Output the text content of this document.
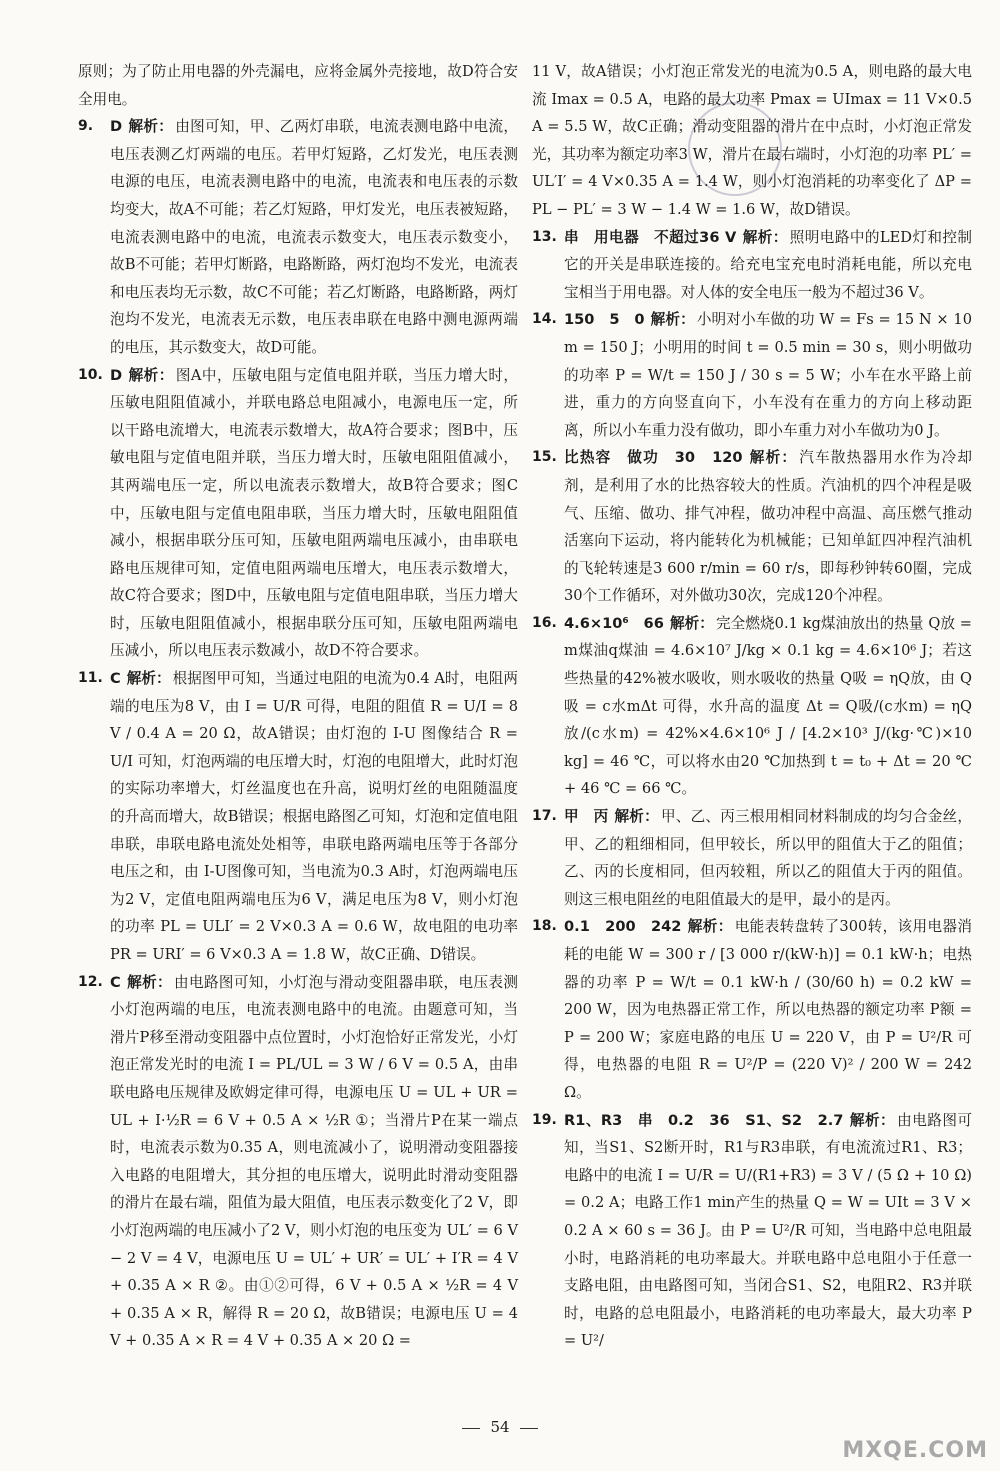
原则；为了防止用电器的外壳漏电，应将金属外壳接地，故D符合安全用电。

9.	D 解析： 由图可知，甲、乙两灯串联，电流表测电路中电流，电压表测乙灯两端的电压。若甲灯短路，乙灯发光，电压表测电源的电压，电流表测电路中的电流，电流表和电压表的示数均变大，故A不可能；若乙灯短路，甲灯发光，电压表被短路，电流表测电路中的电流，电流表示数变大，电压表示数变小，故B不可能；若甲灯断路，电路断路，两灯泡均不发光，电流表和电压表均无示数，故C不可能；若乙灯断路，电路断路，两灯泡均不发光，电流表无示数，电压表串联在电路中测电源两端的电压，其示数变大，故D可能。
10. D 解析： 图A中，压敏电阻与定值电阻并联，当压力增大时，压敏电阻阻值减小，并联电路总电阻减小，电源电压一定，所以干路电流增大，电流表示数增大，故A符合要求；图B中，压敏电阻与定值电阻并联，当压力增大时，压敏电阻阻值减小，其两端电压一定，所以电流表示数增大，故B符合要求；图C中，压敏电阻与定值电阻串联，当压力增大时，压敏电阻阻值减小，根据串联分压可知，压敏电阻两端电压减小，由串联电路电压规律可知，定值电阻两端电压增大，电压表示数增大，故C符合要求；图D中，压敏电阻与定值电阻串联，当压力增大时，压敏电阻阻值减小，根据串联分压可知，压敏电阻两端电压减小，所以电压表示数减小，故D不符合要求。
11. C 解析： 根据图甲可知，当通过电阻的电流为0.4 A时，电阻两端的电压为8 V，由 I = U/R 可得，电阻的阻值 R = U/I = 8 V / 0.4 A = 20 Ω，故A错误；由灯泡的 I-U 图像结合 R = U/I 可知，灯泡两端的电压增大时，灯泡的电阻增大，此时灯泡的实际功率增大，灯丝温度也在升高，说明灯丝的电阻随温度的升高而增大，故B错误；根据电路图乙可知，灯泡和定值电阻串联，串联电路电流处处相等，串联电路两端电压等于各部分电压之和，由 I-U图像可知，当电流为0.3 A时，灯泡两端电压为2 V，定值电阻两端电压为6 V，满足电压为8 V，则小灯泡的功率 PL = ULI′ = 2 V×0.3 A = 0.6 W，故电阻的电功率 PR = URI′ = 6 V×0.3 A = 1.8 W，故C正确、D错误。
12. C 解析： 由电路图可知，小灯泡与滑动变阻器串联，电压表测小灯泡两端的电压，电流表测电路中的电流。由题意可知，当滑片P移至滑动变阻器中点位置时，小灯泡恰好正常发光，小灯泡正常发光时的电流 I = PL/UL = 3 W / 6 V = 0.5 A，由串联电路电压规律及欧姆定律可得，电源电压 U = UL + UR = UL + I·½R = 6 V + 0.5 A × ½R ①；当滑片P在某一端点时，电流表示数为0.35 A，则电流减小了，说明滑动变阻器接入电路的电阻增大，其分担的电压增大，说明此时滑动变阻器的滑片在最右端，阻值为最大阻值，电压表示数变化了2 V，即小灯泡两端的电压减小了2 V，则小灯泡的电压变为 UL′ = 6 V − 2 V = 4 V，电源电压 U = UL′ + UR′ = UL′ + I′R = 4 V + 0.35 A × R ②。由①②可得，6 V + 0.5 A × ½R = 4 V + 0.35 A × R，解得 R = 20 Ω，故B错误；电源电压 U = 4 V + 0.35 A × R = 4 V + 0.35 A × 20 Ω =

11 V，故A错误；小灯泡正常发光的电流为0.5 A，则电路的最大电流 Imax = 0.5 A，电路的最大功率 Pmax = UImax = 11 V×0.5 A = 5.5 W，故C正确；滑动变阻器的滑片在中点时，小灯泡正常发光，其功率为额定功率3 W，滑片在最右端时，小灯泡的功率 PL′ = UL′I′ = 4 V×0.35 A = 1.4 W，则小灯泡消耗的功率变化了 ΔP = PL − PL′ = 3 W − 1.4 W = 1.6 W，故D错误。

13. 串　用电器　不超过36 V 解析： 照明电路中的LED灯和控制它的开关是串联连接的。给充电宝充电时消耗电能，所以充电宝相当于用电器。对人体的安全电压一般为不超过36 V。
14. 150　5　0 解析： 小明对小车做的功 W = Fs = 15 N × 10 m = 150 J；小明用的时间 t = 0.5 min = 30 s，则小明做功的功率 P = W/t = 150 J / 30 s = 5 W；小车在水平路上前进，重力的方向竖直向下，小车没有在重力的方向上移动距离，所以小车重力没有做功，即小车重力对小车做功为0 J。
15. 比热容　做功　30　120 解析： 汽车散热器用水作为冷却剂，是利用了水的比热容较大的性质。汽油机的四个冲程是吸气、压缩、做功、排气冲程，做功冲程中高温、高压燃气推动活塞向下运动，将内能转化为机械能；已知单缸四冲程汽油机的飞轮转速是3 600 r/min = 60 r/s，即每秒钟转60圈，完成30个工作循环，对外做功30次，完成120个冲程。
16. 4.6×10⁶　66 解析： 完全燃烧0.1 kg煤油放出的热量 Q放 = m煤油q煤油 = 4.6×10⁷ J/kg × 0.1 kg = 4.6×10⁶ J；若这些热量的42%被水吸收，则水吸收的热量 Q吸 = ηQ放，由 Q吸 = c水mΔt 可得，水升高的温度 Δt = Q吸/(c水m) = ηQ放/(c水m) = 42%×4.6×10⁶ J / [4.2×10³ J/(kg·℃)×10 kg] = 46 ℃，可以将水由20 ℃加热到 t = t₀ + Δt = 20 ℃ + 46 ℃ = 66 ℃。
17. 甲　丙 解析： 甲、乙、丙三根用相同材料制成的均匀合金丝，甲、乙的粗细相同，但甲较长，所以甲的阻值大于乙的阻值；乙、丙的长度相同，但丙较粗，所以乙的阻值大于丙的阻值。则这三根电阻丝的电阻值最大的是甲，最小的是丙。
18. 0.1　200　242 解析： 电能表转盘转了300转，该用电器消耗的电能 W = 300 r / [3 000 r/(kW·h)] = 0.1 kW·h；电热器的功率 P = W/t = 0.1 kW·h / (30/60 h) = 0.2 kW = 200 W，因为电热器正常工作，所以电热器的额定功率 P额 = P = 200 W；家庭电路的电压 U = 220 V，由 P = U²/R 可得，电热器的电阻 R = U²/P = (220 V)² / 200 W = 242 Ω。
19. R1、R3　串　0.2　36　S1、S2　2.7 解析： 由电路图可知，当S1、S2断开时，R1与R3串联，有电流流过R1、R3；电路中的电流 I = U/R = U/(R1+R3) = 3 V / (5 Ω + 10 Ω) = 0.2 A；电路工作1 min产生的热量 Q = W = UIt = 3 V × 0.2 A × 60 s = 36 J。由 P = U²/R 可知，当电路中总电阻最小时，电路消耗的电功率最大。并联电路中总电阻小于任意一支路电阻，由电路图可知，当闭合S1、S2，电阻R2、R3并联时，电路的总电阻最小，电路消耗的电功率最大，最大功率 P = U²/
54
MXQE.COM
